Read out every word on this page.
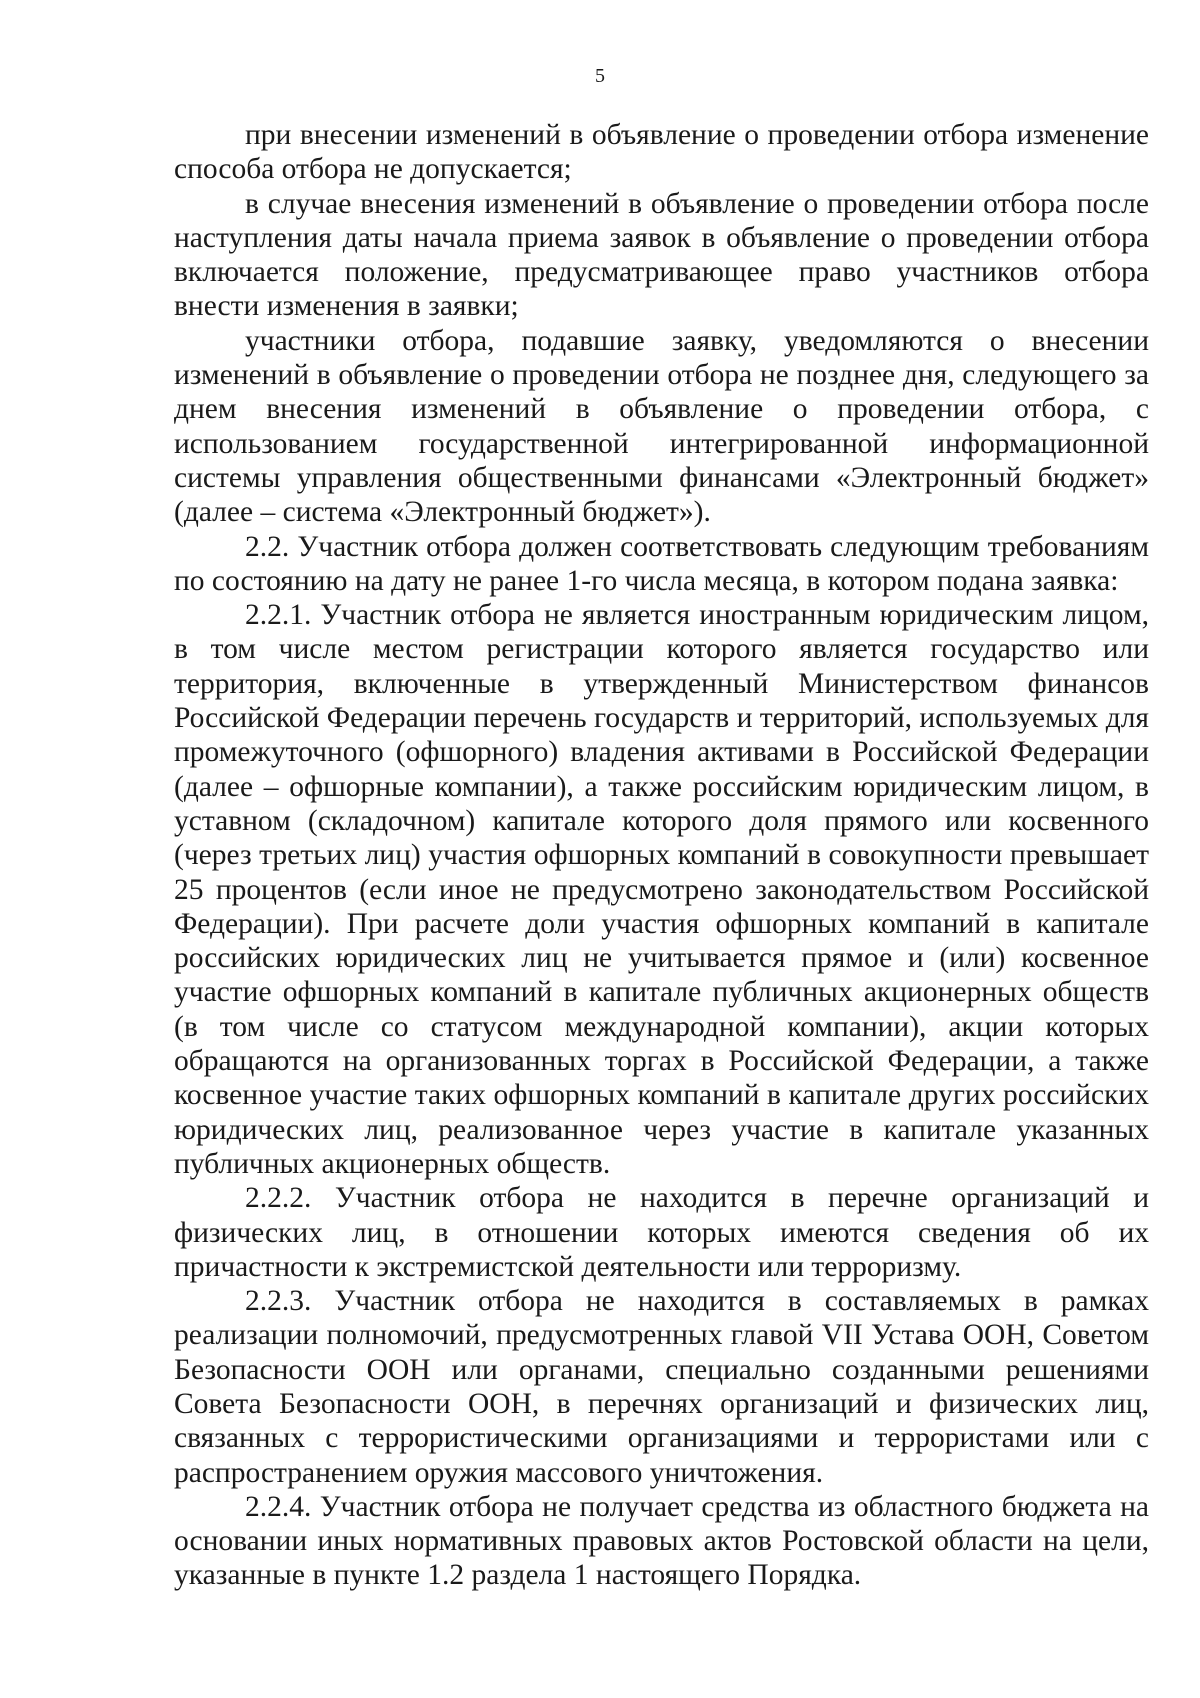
5

при внесении изменений в объявление о проведении отбора изменение способа отбора не допускается;

в случае внесения изменений в объявление о проведении отбора после наступления даты начала приема заявок в объявление о проведении отбора включается положение, предусматривающее право участников отбора внести изменения в заявки;

участники отбора, подавшие заявку, уведомляются о внесении изменений в объявление о проведении отбора не позднее дня, следующего за днем внесения изменений в объявление о проведении отбора, с использованием государственной интегрированной информационной системы управления общественными финансами «Электронный бюджет» (далее – система «Электронный бюджет»).

2.2. Участник отбора должен соответствовать следующим требованиям по состоянию на дату не ранее 1-го числа месяца, в котором подана заявка:

2.2.1. Участник отбора не является иностранным юридическим лицом, в том числе местом регистрации которого является государство или территория, включенные в утвержденный Министерством финансов Российской Федерации перечень государств и территорий, используемых для промежуточного (офшорного) владения активами в Российской Федерации (далее – офшорные компании), а также российским юридическим лицом, в уставном (складочном) капитале которого доля прямого или косвенного (через третьих лиц) участия офшорных компаний в совокупности превышает 25 процентов (если иное не предусмотрено законодательством Российской Федерации). При расчете доли участия офшорных компаний в капитале российских юридических лиц не учитывается прямое и (или) косвенное участие офшорных компаний в капитале публичных акционерных обществ (в том числе со статусом международной компании), акции которых обращаются на организованных торгах в Российской Федерации, а также косвенное участие таких офшорных компаний в капитале других российских юридических лиц, реализованное через участие в капитале указанных публичных акционерных обществ.

2.2.2. Участник отбора не находится в перечне организаций и физических лиц, в отношении которых имеются сведения об их причастности к экстремистской деятельности или терроризму.

2.2.3. Участник отбора не находится в составляемых в рамках реализации полномочий, предусмотренных главой VII Устава ООН, Советом Безопасности ООН или органами, специально созданными решениями Совета Безопасности ООН, в перечнях организаций и физических лиц, связанных с террористическими организациями и террористами или с распространением оружия массового уничтожения.

2.2.4. Участник отбора не получает средства из областного бюджета на основании иных нормативных правовых актов Ростовской области на цели, указанные в пункте 1.2 раздела 1 настоящего Порядка.
